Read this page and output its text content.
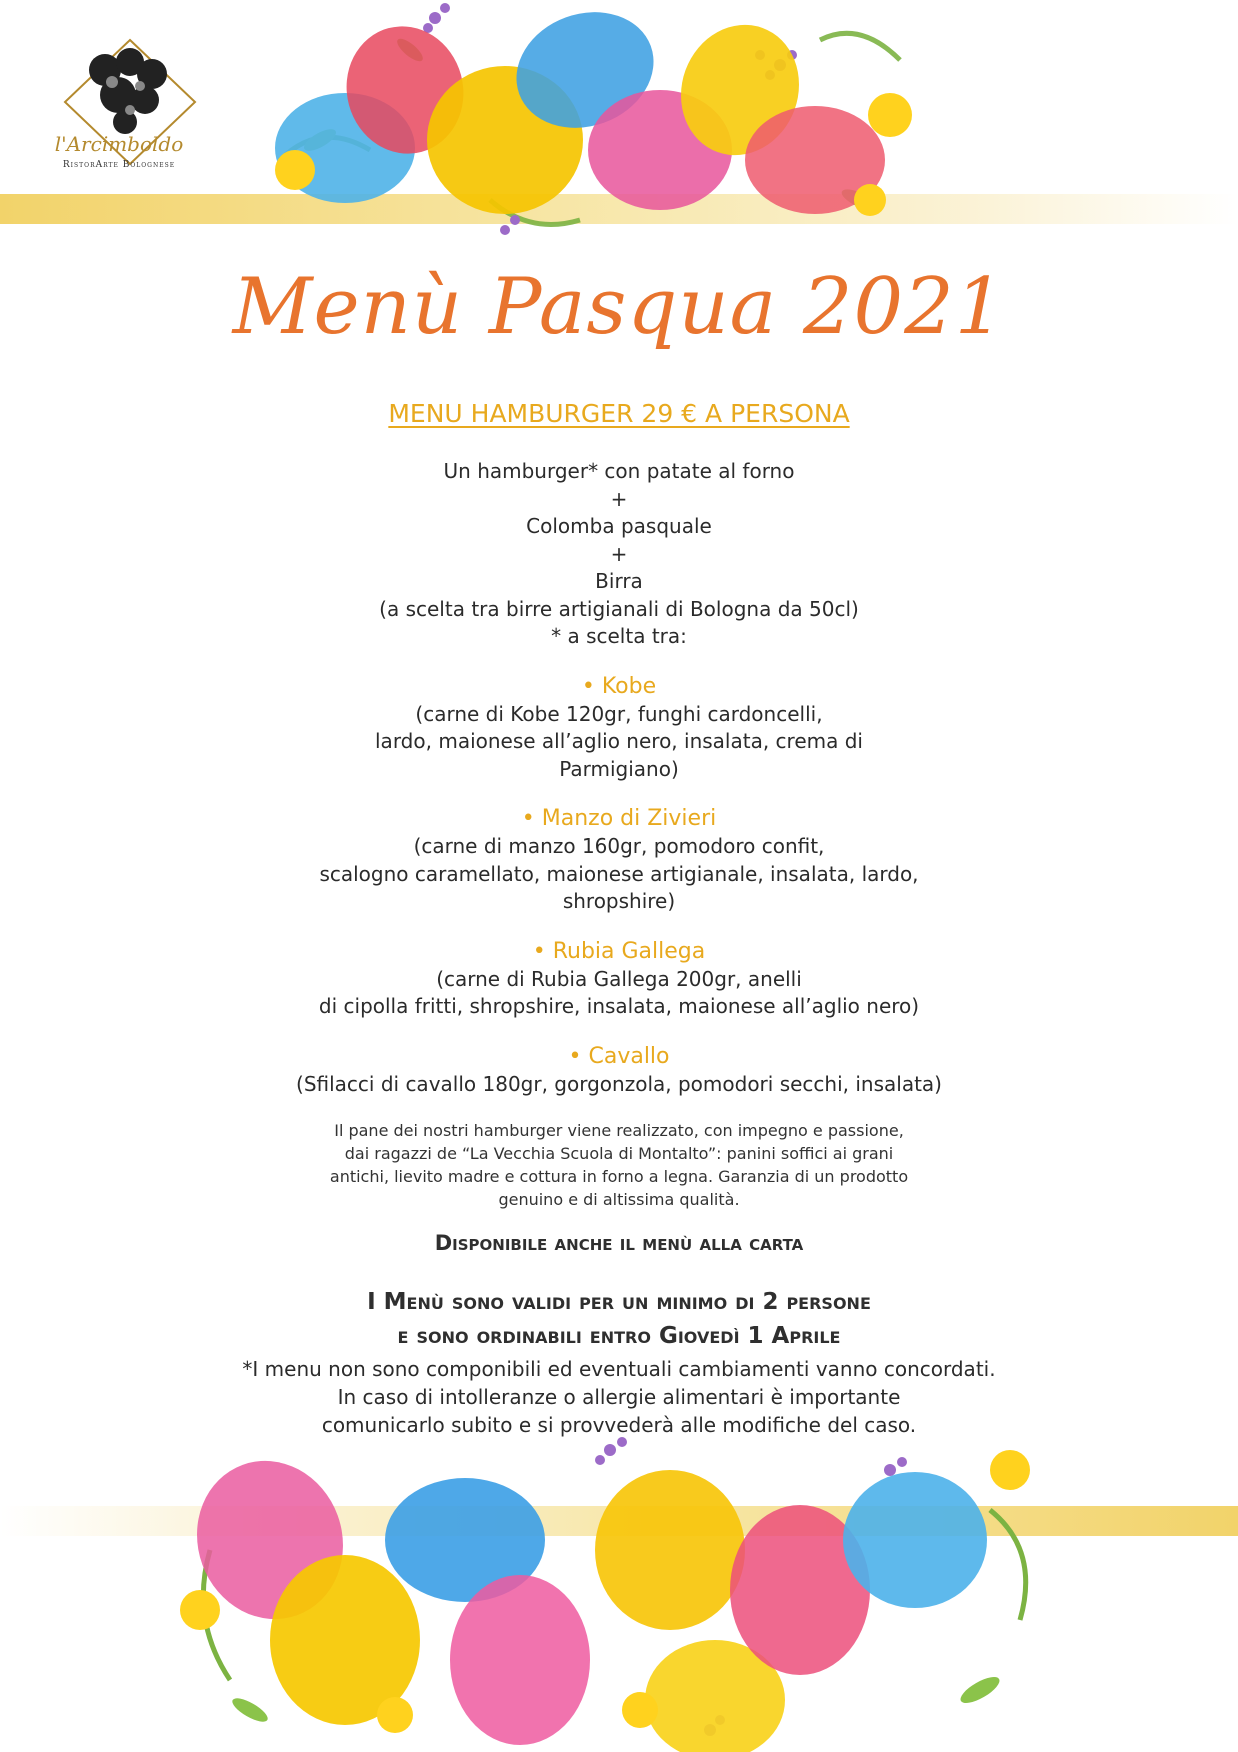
l'Arcimboldo
RistorArte Bolognese
Menù Pasqua 2021
MENU HAMBURGER 29 € A PERSONA
Un hamburger* con patate al forno
+
Colomba pasquale
+
Birra
(a scelta tra birre artigianali di Bologna da 50cl)
* a scelta tra:
• Kobe
(carne di Kobe 120gr, funghi cardoncelli,
lardo, maionese all’aglio nero, insalata, crema di
Parmigiano)
• Manzo di Zivieri
(carne di manzo 160gr, pomodoro confit,
scalogno caramellato, maionese artigianale, insalata, lardo,
shropshire)
• Rubia Gallega
(carne di Rubia Gallega 200gr, anelli
di cipolla fritti, shropshire, insalata, maionese all’aglio nero)
• Cavallo
(Sfilacci di cavallo 180gr, gorgonzola, pomodori secchi, insalata)
Il pane dei nostri hamburger viene realizzato, con impegno e passione,
dai ragazzi de “La Vecchia Scuola di Montalto”: panini soffici ai grani
antichi, lievito madre e cottura in forno a legna. Garanzia di un prodotto
genuino e di altissima qualità.
Disponibile anche il menù alla carta
I Menù sono validi per un minimo di 2 persone
e sono ordinabili entro Giovedì 1 Aprile
*I menu non sono componibili ed eventuali cambiamenti vanno concordati.
In caso di intolleranze o allergie alimentari è importante
comunicarlo subito e si provvederà alle modifiche del caso.
